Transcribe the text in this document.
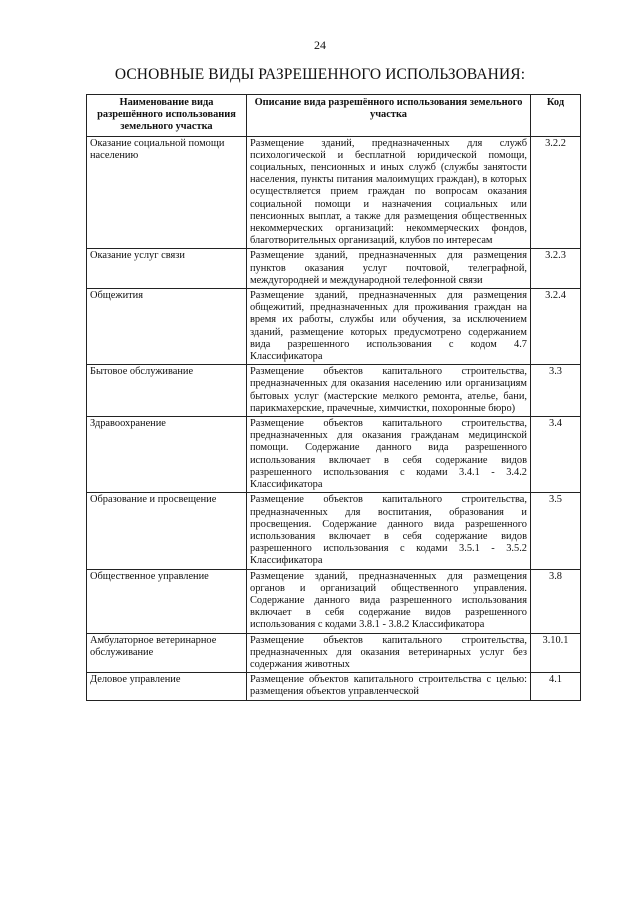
24
ОСНОВНЫЕ ВИДЫ РАЗРЕШЕННОГО ИСПОЛЬЗОВАНИЯ:
Наименование вида разрешённого использования земельного участка	Описание вида разрешённого использования земельного участка	Код
Оказание социальной помощи населению	Размещение зданий, предназначенных для служб психологической и бесплатной юридической помощи, социальных, пенсионных и иных служб (службы занятости населения, пункты питания малоимущих граждан), в которых осуществляется прием граждан по вопросам оказания социальной помощи и назначения социальных или пенсионных выплат, а также для размещения общественных некоммерческих организаций: некоммерческих фондов, благотворительных организаций, клубов по интересам	3.2.2
Оказание услуг связи	Размещение зданий, предназначенных для размещения пунктов оказания услуг почтовой, телеграфной, междугородней и международной телефонной связи	3.2.3
Общежития	Размещение зданий, предназначенных для размещения общежитий, предназначенных для проживания граждан на время их работы, службы или обучения, за исключением зданий, размещение которых предусмотрено содержанием вида разрешенного использования с кодом 4.7 Классификатора	3.2.4
Бытовое обслуживание	Размещение объектов капитального строительства, предназначенных для оказания населению или организациям бытовых услуг (мастерские мелкого ремонта, ателье, бани, парикмахерские, прачечные, химчистки, похоронные бюро)	3.3
Здравоохранение	Размещение объектов капитального строительства, предназначенных для оказания гражданам медицинской помощи. Содержание данного вида разрешенного использования включает в себя содержание видов разрешенного использования с кодами 3.4.1 - 3.4.2 Классификатора	3.4
Образование и просвещение	Размещение объектов капитального строительства, предназначенных для воспитания, образования и просвещения. Содержание данного вида разрешенного использования включает в себя содержание видов разрешенного использования с кодами 3.5.1 - 3.5.2 Классификатора	3.5
Общественное управление	Размещение зданий, предназначенных для размещения органов и организаций общественного управления. Содержание данного вида разрешенного использования включает в себя содержание видов разрешенного использования с кодами 3.8.1 - 3.8.2 Классификатора	3.8
Амбулаторное ветеринарное обслуживание	Размещение объектов капитального строительства, предназначенных для оказания ветеринарных услуг без содержания животных	3.10.1
Деловое управление	Размещение объектов капитального строительства с целью: размещения объектов управленческой	4.1
